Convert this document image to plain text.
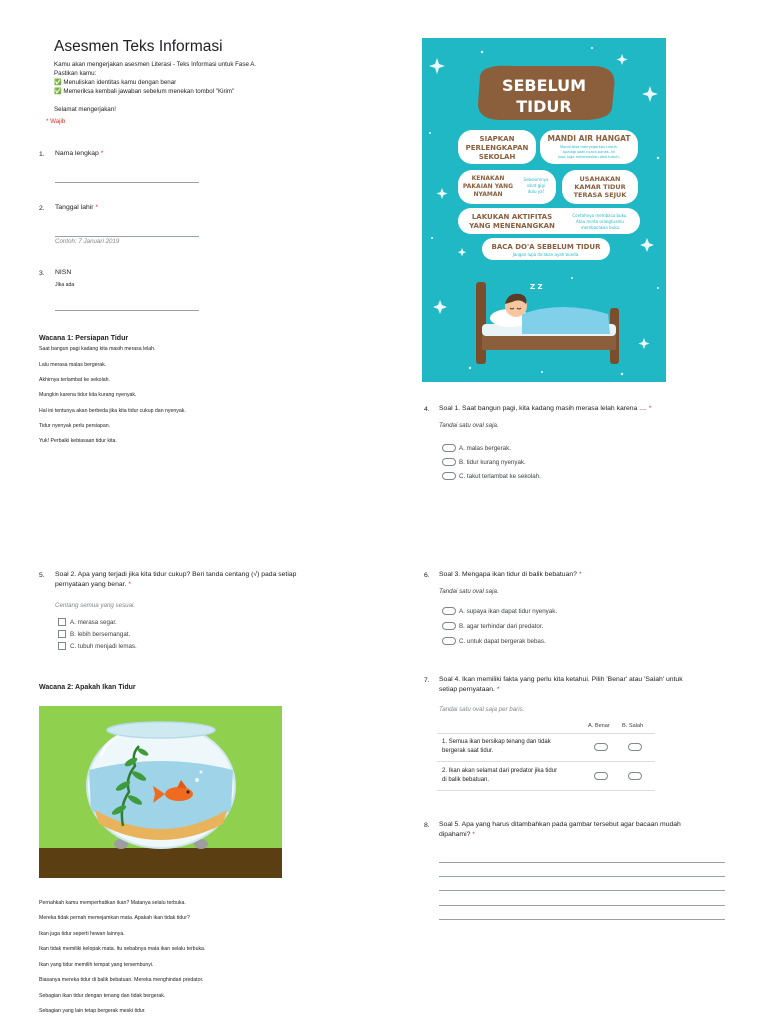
Asesmen Teks Informasi
Kamu akan mengerjakan asesmen Literasi - Teks Informasi untuk Fase A.
Pastikan kamu:
✅ Menuliskan identitas kamu dengan benar
✅ Memeriksa kembali jawaban sebelum menekan tombol "Kirim"
Selamat mengerjakan!
* Wajib
1. Nama lengkap *
2. Tanggal lahir *
Contoh: 7 Januari 2019
3. NISN
Jika ada
Wacana 1: Persiapan Tidur
Saat bangun pagi kadang kita masih merasa lelah.
Lalu merasa malas bergerak.
Akhirnya terlambat ke sekolah.
Mungkin karena tidur kita kurang nyenyak.
Hal ini tentunya akan berbeda jika kita tidur cukup dan nyenyak.
Tidur nyenyak perlu persiapan.
Yuk! Perbaiki kebiasaan tidur kita.
SEBELUM
TIDUR
SIAPKAN
PERLENGKAPAN
SEKOLAH
MANDI AIR HANGAT
Mandi bisa menyegarkan tubuh.
Apalagi saat cuaca panas. Ini
bisa juga melemaskan otot tubuh.
KENAKAN
PAKAIAN YANG
NYAMAN
Sebelumnya
sikat gigi
dulu ya!
USAHAKAN
KAMAR TIDUR
TERASA SEJUK
LAKUKAN AKTIFITAS
YANG MENENANGKAN
Contohnya membaca buku.
Atau minta orangtuamu
membacakan buku
BACA DO'A SEBELUM TIDUR
Jangan lupa do'akan ayah bunda.
Z Z
4. Soal 1. Saat bangun pagi, kita kadang masih merasa lelah karena .... *
Tandai satu oval saja.
A. malas bergerak.
B. tidur kurang nyenyak.
C. takut terlambat ke sekolah.
5. Soal 2. Apa yang terjadi jika kita tidur cukup? Beri tanda centang (√) pada setiap
pernyataan yang benar. *
Centang semua yang sesuai.
A. merasa segar.
B. lebih bersemangat.
C. tubuh menjadi lemas.
6. Soal 3. Mengapa ikan tidur di balik bebatuan? *
Tandai satu oval saja.
A. supaya ikan dapat tidur nyenyak.
B. agar terhindar dari predator.
C. untuk dapat bergerak bebas.
Wacana 2: Apakah Ikan Tidur
Pernahkah kamu memperhatikan ikan? Matanya selalu terbuka.
Mereka tidak pernah memejamkan mata. Apakah ikan tidak tidur?
Ikan juga tidur seperti hewan lainnya.
Ikan tidak memiliki kelopak mata. Itu sebabnya mata ikan selalu terbuka.
Ikan yang tidur memilih tempat yang tersembunyi.
Biasanya mereka tidur di balik bebatuan. Mereka menghindari predator.
Sebagian ikan tidur dengan tenang dan tidak bergerak.
Sebagian yang lain tetap bergerak meski tidur.
7. Soal 4. Ikan memiliki fakta yang perlu kita ketahui. Pilih 'Benar' atau 'Salah' untuk
setiap pernyataan. *
Tandai satu oval saja per baris.
A. Benar B. Salah
1. Semua ikan bersikap tenang dan tidak
bergerak saat tidur.
2. Ikan akan selamat dari predator jika tidur
di balik bebatuan.
8. Soal 5. Apa yang harus ditambahkan pada gambar tersebut agar bacaan mudah
dipahami? *
